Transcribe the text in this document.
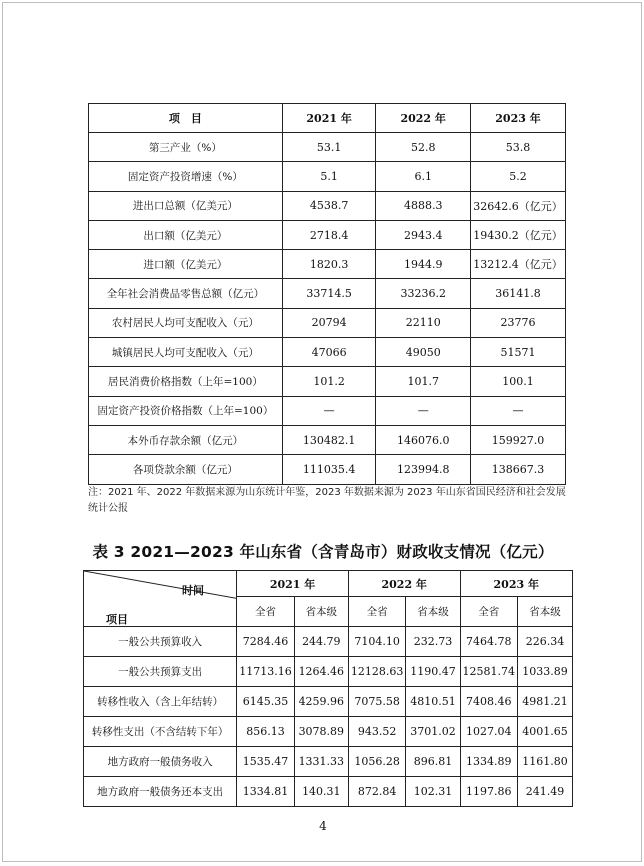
项　目	2021 年	2022 年	2023 年
第三产业（%）	53.1	52.8	53.8
固定资产投资增速（%）	5.1	6.1	5.2
进出口总额（亿美元）	4538.7	4888.3	32642.6（亿元）
出口额（亿美元）	2718.4	2943.4	19430.2（亿元）
进口额（亿美元）	1820.3	1944.9	13212.4（亿元）
全年社会消费品零售总额（亿元）	33714.5	33236.2	36141.8
农村居民人均可支配收入（元）	20794	22110	23776
城镇居民人均可支配收入（元）	47066	49050	51571
居民消费价格指数（上年=100）	101.2	101.7	100.1
固定资产投资价格指数（上年=100）	—	—	—
本外币存款余额（亿元）	130482.1	146076.0	159927.0
各项贷款余额（亿元）	111035.4	123994.8	138667.3
注：2021 年、2022 年数据来源为山东统计年鉴，2023 年数据来源为 2023 年山东省国民经济和社会发展统计公报
表 3 2021—2023 年山东省（含青岛市）财政收支情况（亿元）
时间
项目	2021 年		2022 年		2023 年	
	全省	省本级	全省	省本级	全省	省本级
一般公共预算收入	7284.46	244.79	7104.10	232.73	7464.78	226.34
一般公共预算支出	11713.16	1264.46	12128.63	1190.47	12581.74	1033.89
转移性收入（含上年结转）	6145.35	4259.96	7075.58	4810.51	7408.46	4981.21
转移性支出（不含结转下年）	856.13	3078.89	943.52	3701.02	1027.04	4001.65
地方政府一般债务收入	1535.47	1331.33	1056.28	896.81	1334.89	1161.80
地方政府一般债务还本支出	1334.81	140.31	872.84	102.31	1197.86	241.49
4
